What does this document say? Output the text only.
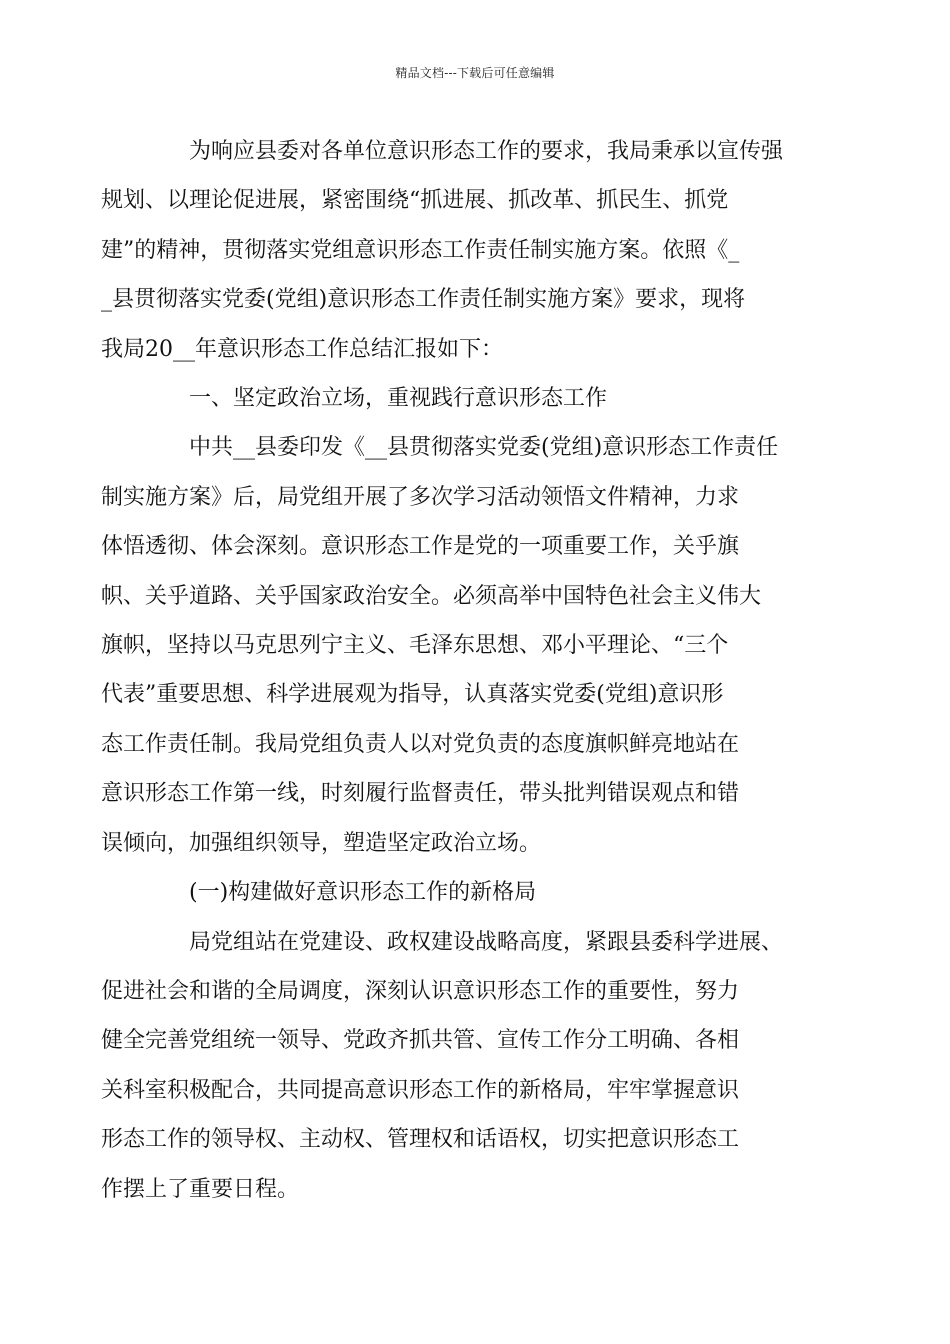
精品文档---下载后可任意编辑

为响应县委对各单位意识形态工作的要求，我局秉承以宣传强
规划、以理论促进展，紧密围绕“抓进展、抓改革、抓民生、抓党
建”的精神，贯彻落实党组意识形态工作责任制实施方案。依照《_
_县贯彻落实党委(党组)意识形态工作责任制实施方案》要求，现将
我局20__年意识形态工作总结汇报如下：

一、坚定政治立场，重视践行意识形态工作

中共__县委印发《__县贯彻落实党委(党组)意识形态工作责任
制实施方案》后，局党组开展了多次学习活动领悟文件精神，力求
体悟透彻、体会深刻。意识形态工作是党的一项重要工作，关乎旗
帜、关乎道路、关乎国家政治安全。必须高举中国特色社会主义伟大
旗帜，坚持以马克思列宁主义、毛泽东思想、邓小平理论、“三个
代表”重要思想、科学进展观为指导，认真落实党委(党组)意识形
态工作责任制。我局党组负责人以对党负责的态度旗帜鲜亮地站在
意识形态工作第一线，时刻履行监督责任，带头批判错误观点和错
误倾向，加强组织领导，塑造坚定政治立场。

(一)构建做好意识形态工作的新格局

局党组站在党建设、政权建设战略高度，紧跟县委科学进展、
促进社会和谐的全局调度，深刻认识意识形态工作的重要性，努力
健全完善党组统一领导、党政齐抓共管、宣传工作分工明确、各相
关科室积极配合，共同提高意识形态工作的新格局，牢牢掌握意识
形态工作的领导权、主动权、管理权和话语权，切实把意识形态工
作摆上了重要日程。
